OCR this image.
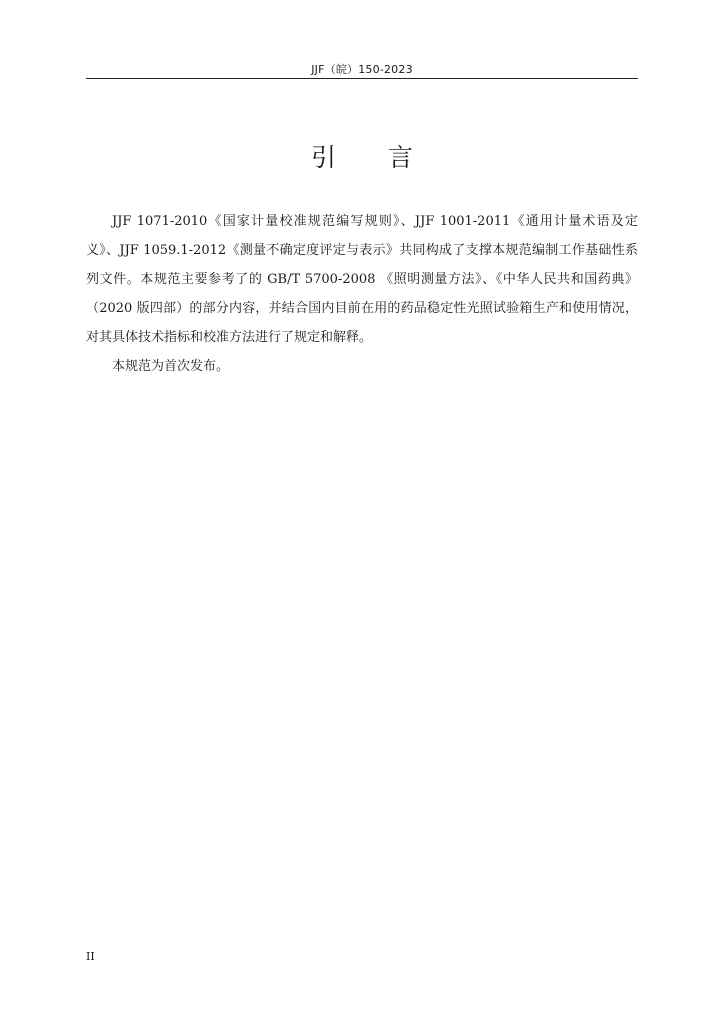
JJF（皖）150-2023
引 言

JJF 1071-2010《国家计量校准规范编写规则》、JJF 1001-2011《通用计量术语及定义》、JJF 1059.1-2012《测量不确定度评定与表示》共同构成了支撑本规范编制工作基础性系列文件。本规范主要参考了的 GB/T 5700-2008 《照明测量方法》、《中华人民共和国药典》（2020 版四部）的部分内容，并结合国内目前在用的药品稳定性光照试验箱生产和使用情况，对其具体技术指标和校准方法进行了规定和解释。

本规范为首次发布。

II
